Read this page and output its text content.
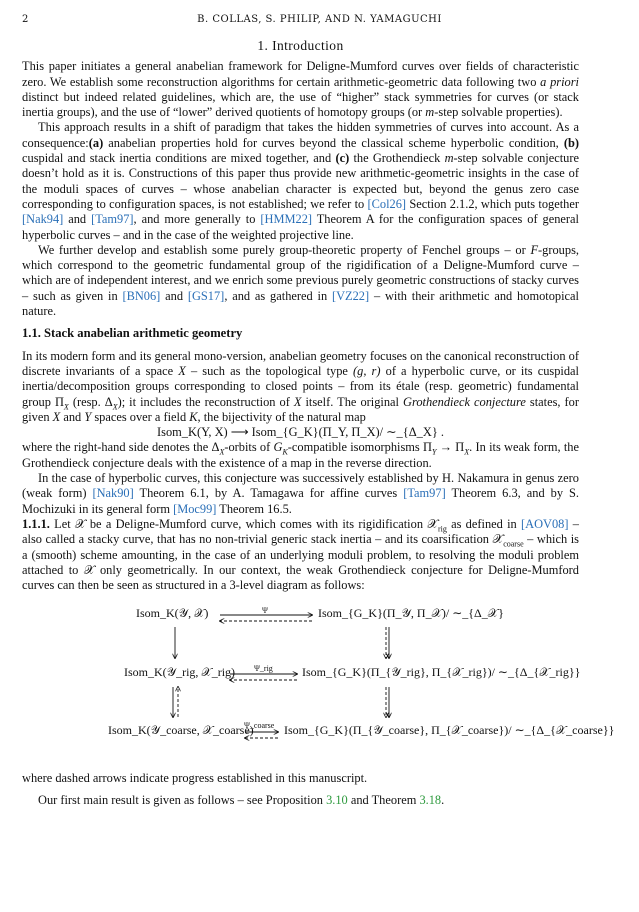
2	B. COLLAS, S. PHILIP, AND N. YAMAGUCHI
1. Introduction

This paper initiates a general anabelian framework for Deligne-Mumford curves over fields of characteristic zero. We establish some reconstruction algorithms for certain arithmetic-geometric data following two a priori distinct but indeed related guidelines, which are, the use of “higher” stack symmetries for curves (or stack inertia groups), and the use of “lower” derived quotients of homotopy groups (or m-step solvable properties).

This approach results in a shift of paradigm that takes the hidden symmetries of curves into account. As a consequence:(a) anabelian properties hold for curves beyond the classical scheme hyperbolic condition, (b) cuspidal and stack inertia conditions are mixed together, and (c) the Grothendieck m-step solvable conjecture doesn’t hold as it is. Constructions of this paper thus provide new arithmetic-geometric insights in the case of the moduli spaces of curves – whose anabelian character is expected but, beyond the genus zero case corresponding to configuration spaces, is not established; we refer to [Col26] Section 2.1.2, which puts together [Nak94] and [Tam97], and more generally to [HMM22] Theorem A for the configuration spaces of general hyperbolic curves – and in the case of the weighted projective line.

We further develop and establish some purely group-theoretic property of Fenchel groups – or F-groups, which correspond to the geometric fundamental group of the rigidification of a Deligne-Mumford curve – which are of independent interest, and we enrich some previous purely geometric constructions of stacky curves – such as given in [BN06] and [GS17], and as gathered in [VZ22] – with their arithmetic and homotopical nature.

1.1. Stack anabelian arithmetic geometry

In its modern form and its general mono-version, anabelian geometry focuses on the canonical reconstruction of discrete invariants of a space X – such as the topological type (g, r) of a hyperbolic curve, or its cuspidal inertia/decomposition groups corresponding to closed points – from its étale (resp. geometric) fundamental group $\Pi_X$ (resp. $\Delta_X$); it includes the reconstruction of X itself. The original Grothendieck conjecture states, for given X and Y spaces over a field K, the bijectivity of the natural map

Isom_K(Y, X) ⟶ Isom_{G_K}(Π_Y, Π_X)/ ∼_{Δ_X} .

where the right-hand side denotes the $\Delta_X$-orbits of $G_K$-compatible isomorphisms $\Pi_Y \to \Pi_X$. In its weak form, the Grothendieck conjecture deals with the existence of a map in the reverse direction.

In the case of hyperbolic curves, this conjecture was successively established by H. Nakamura in genus zero (weak form) [Nak90] Theorem 6.1, by A. Tamagawa for affine curves [Tam97] Theorem 6.3, and by S. Mochizuki in its general form [Moc99] Theorem 16.5.

1.1.1. Let 𝒳 be a Deligne-Mumford curve, which comes with its rigidification 𝒳$_{rig}$ as defined in [AOV08] – also called a stacky curve, that has no non-trivial generic stack inertia – and its coarsification 𝒳$_{coarse}$ – which is a (smooth) scheme amounting, in the case of an underlying moduli problem, to resolving the moduli problem attached to 𝒳 only geometrically. In our context, the weak Grothendieck conjecture for Deligne-Mumford curves can then be seen as structured in a 3-level diagram as follows:

Isom_K(𝒴, 𝒳)	Ψ	Isom_{G_K}(Π_𝒴, Π_𝒳)/ ∼_{Δ_𝒳}
Isom_K(𝒴_rig, 𝒳_rig) Ψ_rig Isom_{G_K}(Π_{𝒴_rig}, Π_{𝒳_rig})/ ∼_{Δ_{𝒳_rig}}
Isom_K(𝒴_coarse, 𝒳_coarse)
Ψ_coarse Isom_{G_K}(Π_{𝒴_coarse}, Π_{𝒳_coarse})/ ∼_{Δ_{𝒳_coarse}}

where dashed arrows indicate progress established in this manuscript.

Our first main result is given as follows – see Proposition 3.10 and Theorem 3.18.
